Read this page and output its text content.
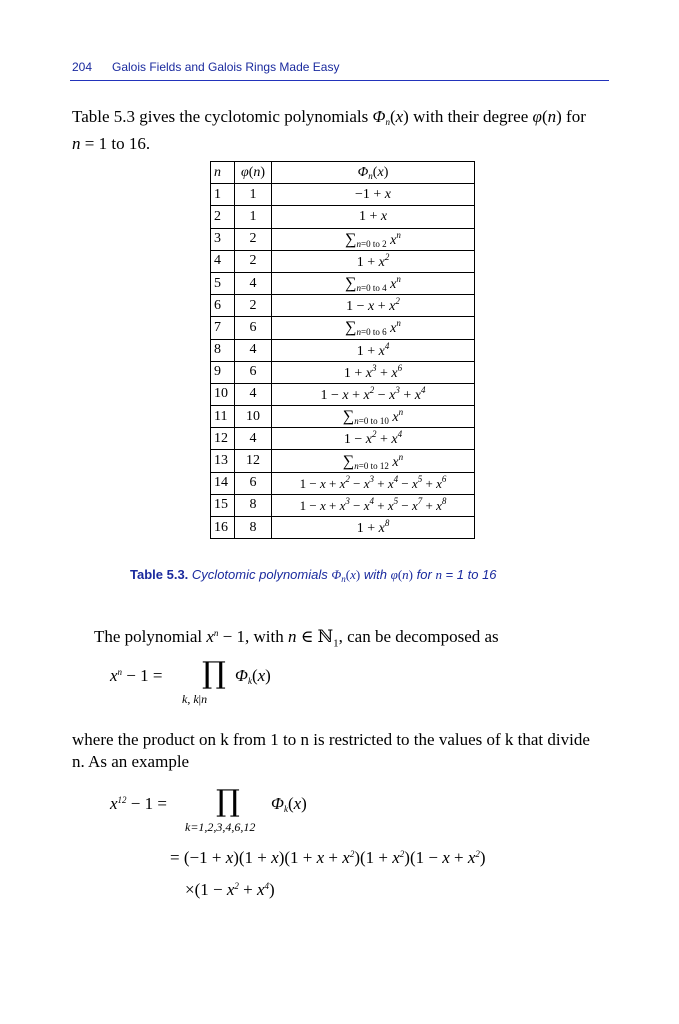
204 Galois Fields and Galois Rings Made Easy
Table 5.3 gives the cyclotomic polynomials $\Phi_n(x)$ with their degree φ(n) for
n = 1 to 16.
n	φ(n)	$\Phi_n(x)$
1	1	−1 + x
2	1	1 + x
3	2	$\sum_{n=0 to 2}$ $x^n$
4	2	$1 + x^2$
5	4	$\sum_{n=0 to 4}$ $x^n$
6	2	$1 - x + x^2$
7	6	$\sum_{n=0 to 6}$ $x^n$
8	4	$1 + x^4$
9	6	$1 + x^3 + x^6$
10	4	$1 - x + x^2 - x^3 + x^4$
11	10	$\sum_{n=0 to 10}$ $x^n$
12	4	$1 - x^2 + x^4$
13	12	$\sum_{n=0 to 12}$ $x^n$
14	6	$1 - x + x^2 - x^3 + x^4 - x^5 + x^6$
15	8	$1 - x + x^3 - x^4 + x^5 - x^7 + x^8$
16	8	$1 + x^8$
Table 5.3. Cyclotomic polynomials $\Phi_n(x)$ with φ(n) for n = 1 to 16
The polynomial $x^n - 1$, with n ∈ ℕ$_1$, can be decomposed as
$x^n - 1$ = ∏ $\Phi_k(x)$
k, k|n
where the product on k from 1 to n is restricted to the values of k that divide
n. As an example
$x^{12} - 1$ = ∏ $\Phi_k(x)$
k=1,2,3,4,6,12
= $(-1 + x)(1 + x)(1 + x + x^2)(1 + x^2)(1 - x + x^2)$
$\times(1 - x^2 + x^4)$
